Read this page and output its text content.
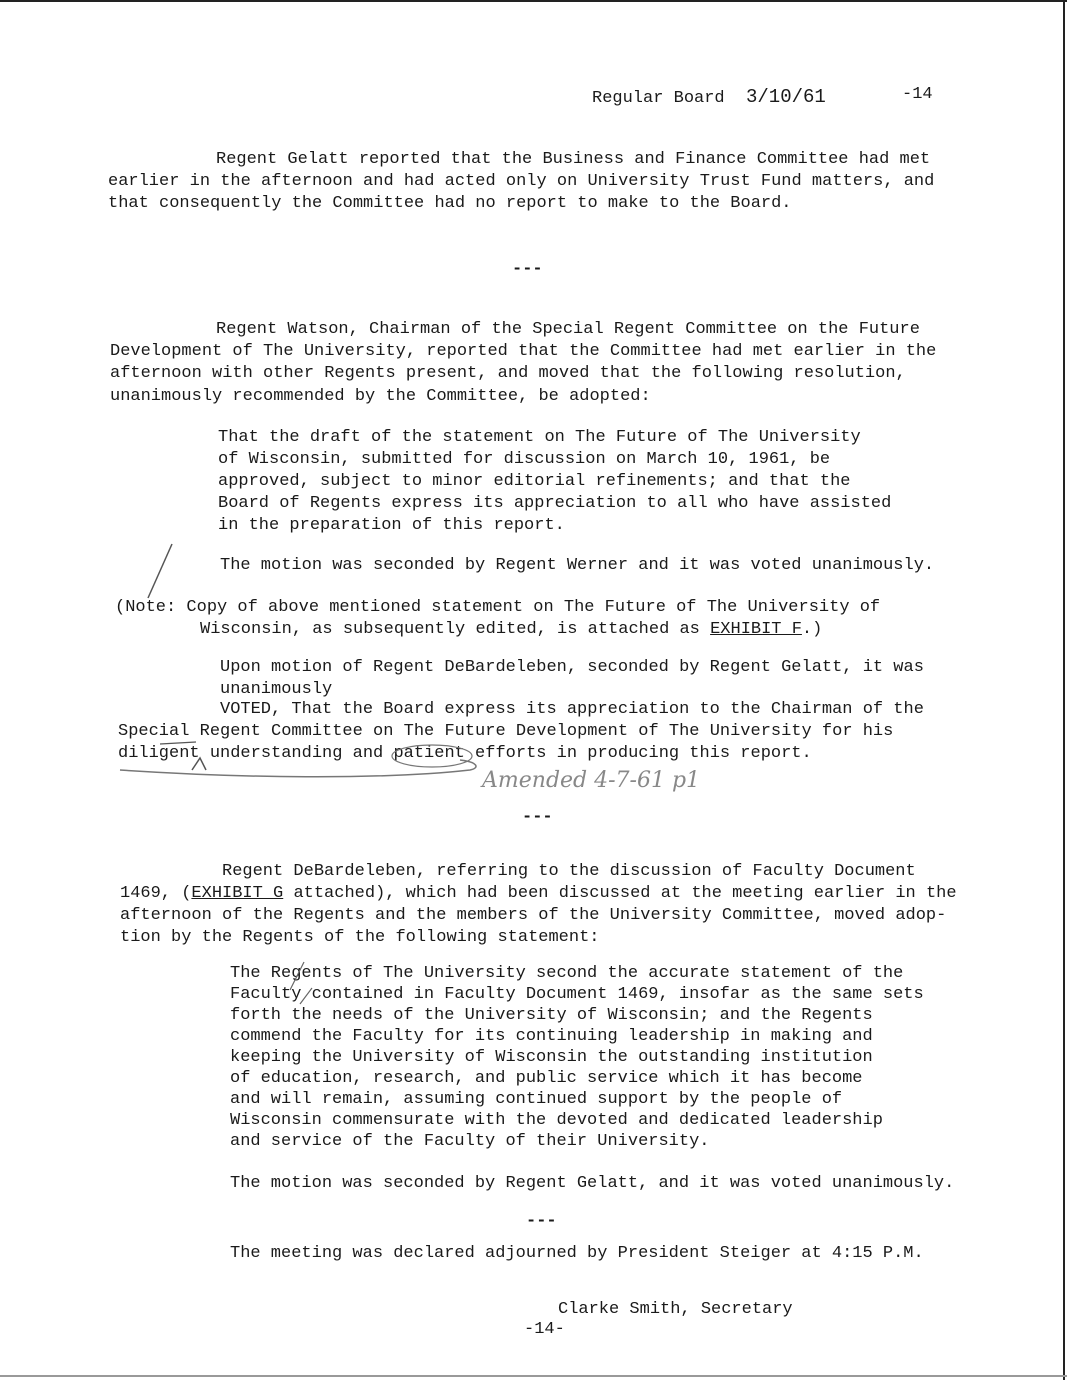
Regular Board 3/10/61	-14
Regent Gelatt reported that the Business and Finance Committee had met
earlier in the afternoon and had acted only on University Trust Fund matters, and
that consequently the Committee had no report to make to the Board.
---
Regent Watson, Chairman of the Special Regent Committee on the Future
Development of The University, reported that the Committee had met earlier in the
afternoon with other Regents present, and moved that the following resolution,
unanimously recommended by the Committee, be adopted:
That the draft of the statement on The Future of The University
of Wisconsin, submitted for discussion on March 10, 1961, be
approved, subject to minor editorial refinements; and that the
Board of Regents express its appreciation to all who have assisted
in the preparation of this report.
The motion was seconded by Regent Werner and it was voted unanimously.
(Note: Copy of above mentioned statement on The Future of The University of
Wisconsin, as subsequently edited, is attached as EXHIBIT F.)
Upon motion of Regent DeBardeleben, seconded by Regent Gelatt, it was
unanimously
VOTED, That the Board express its appreciation to the Chairman of the
Special Regent Committee on The Future Development of The University for his
diligent understanding and patient efforts in producing this report.
Amended 4-7-61 p1
---
Regent DeBardeleben, referring to the discussion of Faculty Document
1469, (EXHIBIT G attached), which had been discussed at the meeting earlier in the
afternoon of the Regents and the members of the University Committee, moved adop-
tion by the Regents of the following statement:
The Regents of The University second the accurate statement of the
Faculty contained in Faculty Document 1469, insofar as the same sets
forth the needs of the University of Wisconsin; and the Regents
commend the Faculty for its continuing leadership in making and
keeping the University of Wisconsin the outstanding institution
of education, research, and public service which it has become
and will remain, assuming continued support by the people of
Wisconsin commensurate with the devoted and dedicated leadership
and service of the Faculty of their University.
The motion was seconded by Regent Gelatt, and it was voted unanimously.
---
The meeting was declared adjourned by President Steiger at 4:15 P.M.
Clarke Smith, Secretary
-14-
